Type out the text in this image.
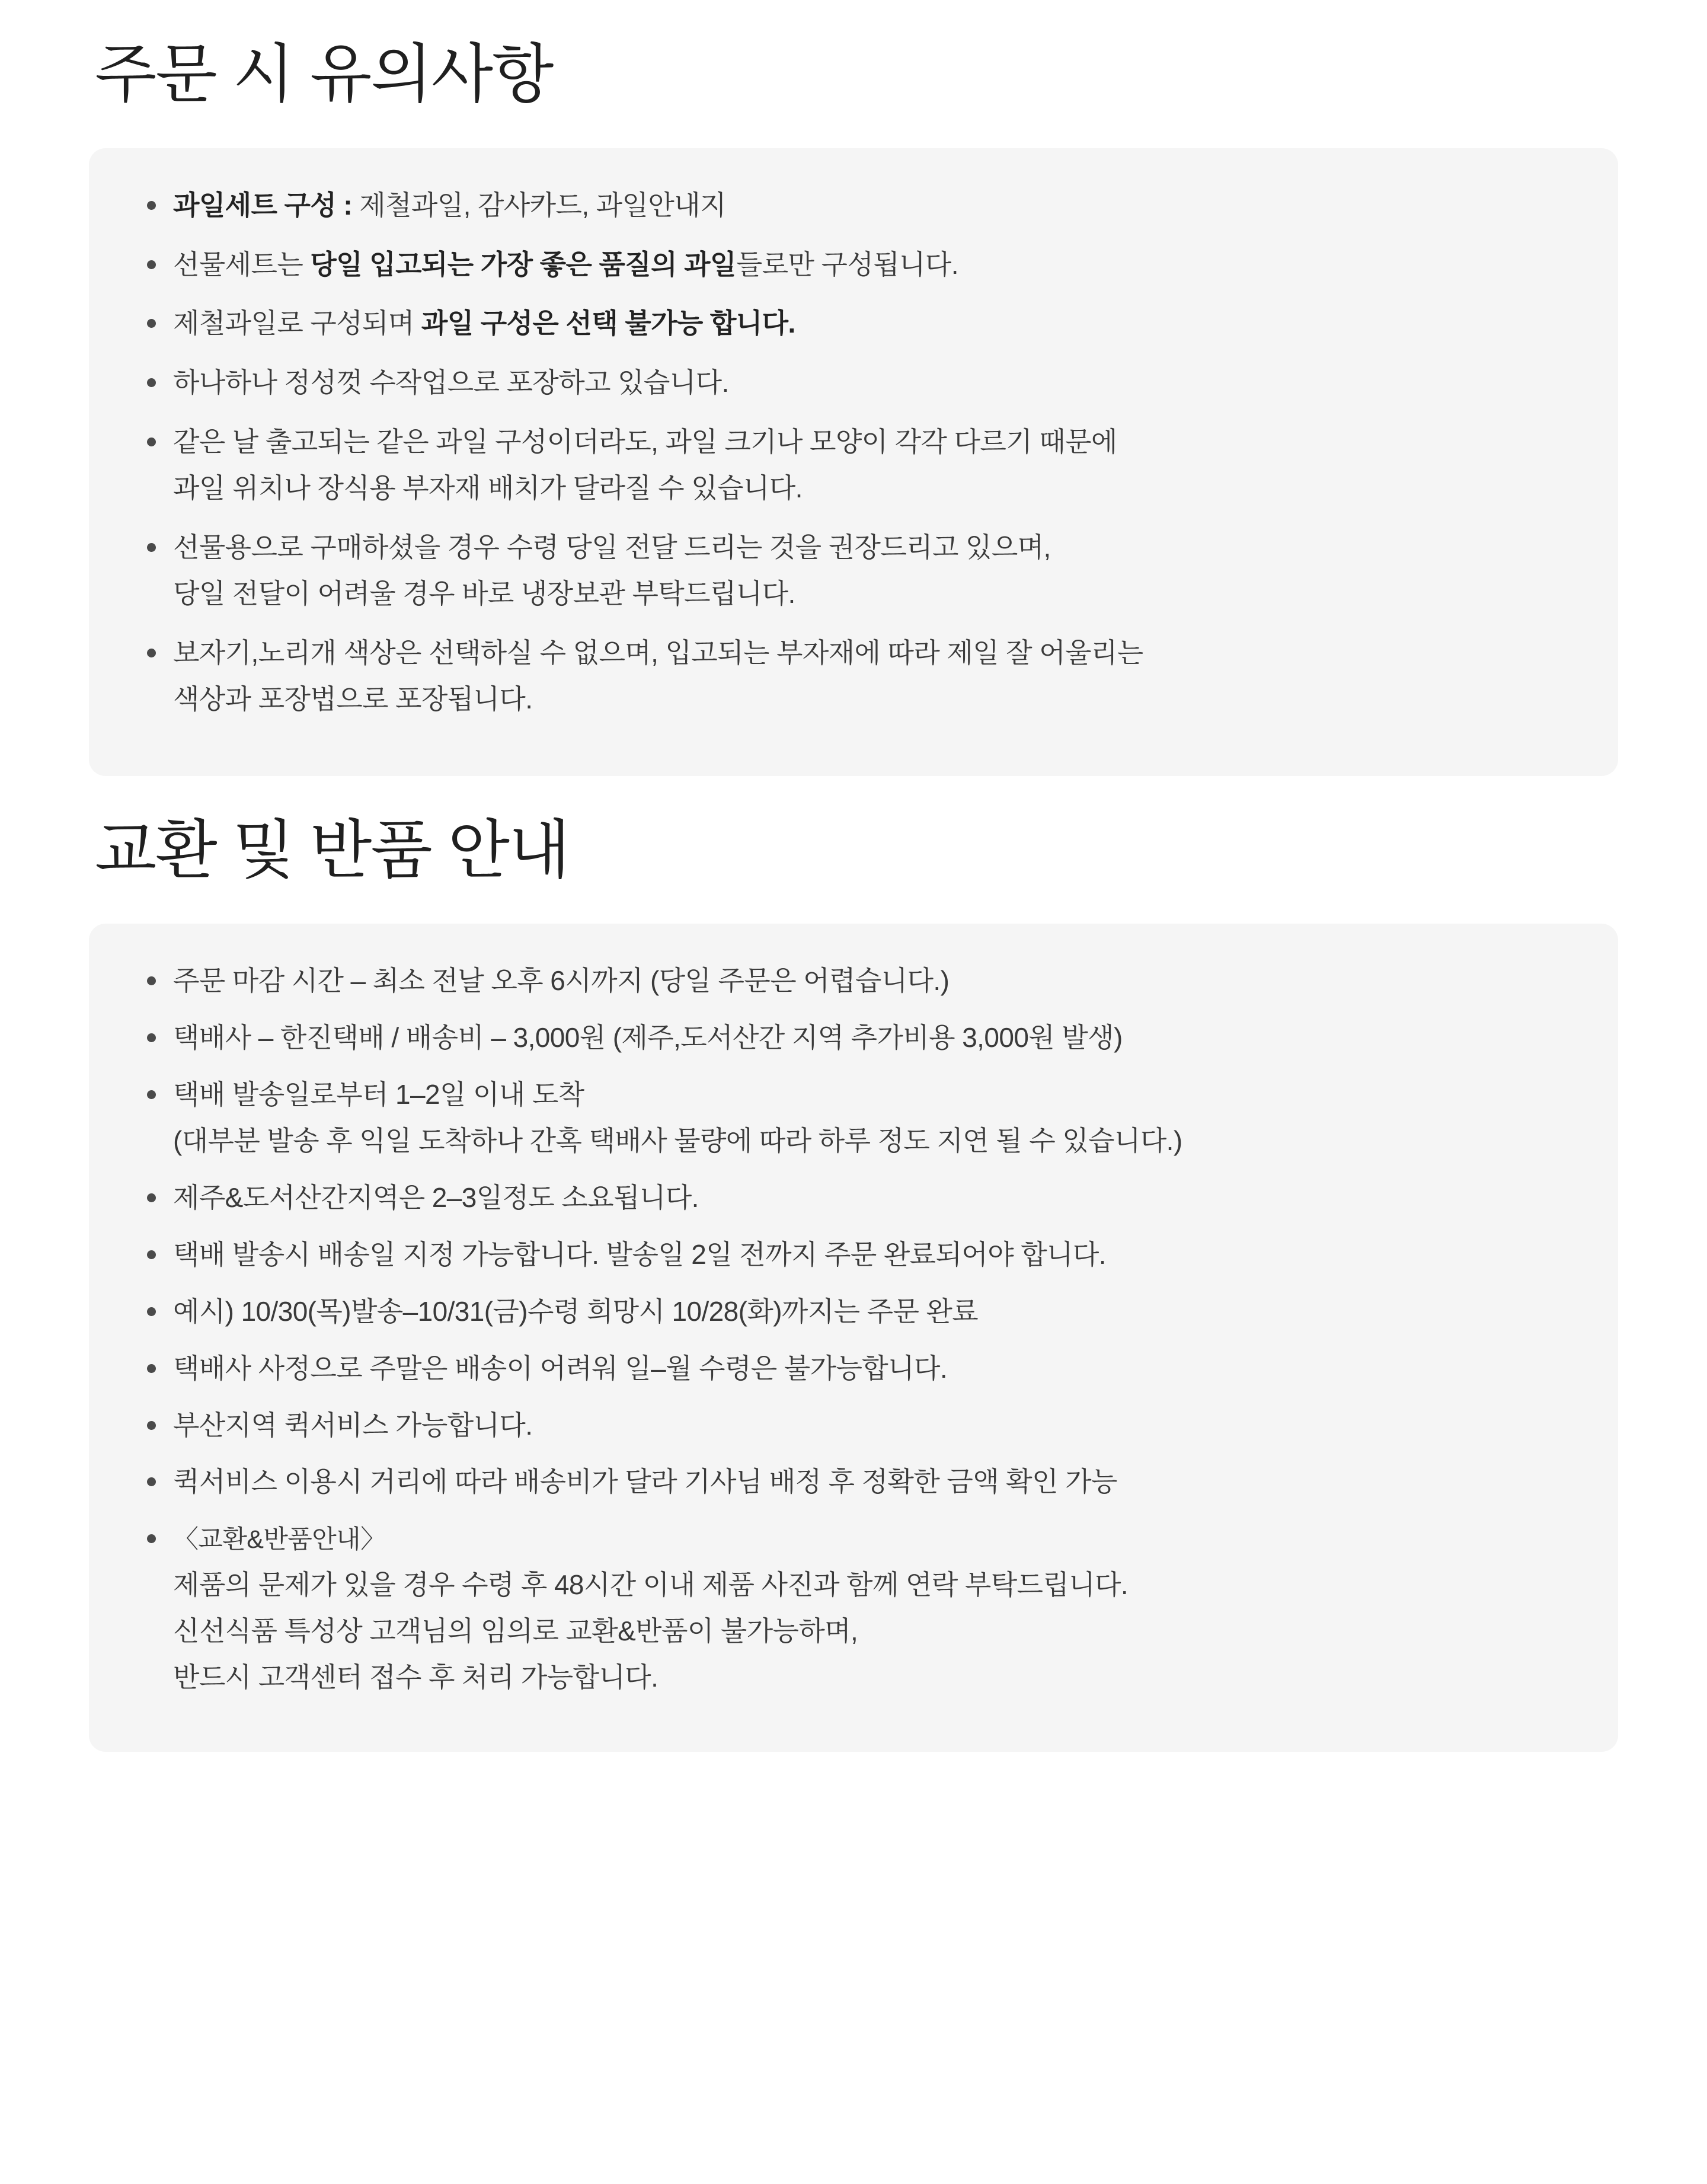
주문 시 유의사항
과일세트 구성 : 제철과일, 감사카드, 과일안내지
선물세트는 당일 입고되는 가장 좋은 품질의 과일들로만 구성됩니다.
제철과일로 구성되며 과일 구성은 선택 불가능 합니다.
하나하나 정성껏 수작업으로 포장하고 있습니다.
같은 날 출고되는 같은 과일 구성이더라도, 과일 크기나 모양이 각각 다르기 때문에
과일 위치나 장식용 부자재 배치가 달라질 수 있습니다.
선물용으로 구매하셨을 경우 수령 당일 전달 드리는 것을 권장드리고 있으며,
당일 전달이 어려울 경우 바로 냉장보관 부탁드립니다.
보자기,노리개 색상은 선택하실 수 없으며, 입고되는 부자재에 따라 제일 잘 어울리는
색상과 포장법으로 포장됩니다.
교환 및 반품 안내
주문 마감 시간 – 최소 전날 오후 6시까지 (당일 주문은 어렵습니다.)
택배사 – 한진택배 / 배송비 – 3,000원 (제주,도서산간 지역 추가비용 3,000원 발생)
택배 발송일로부터 1–2일 이내 도착
(대부분 발송 후 익일 도착하나 간혹 택배사 물량에 따라 하루 정도 지연 될 수 있습니다.)
제주&도서산간지역은 2–3일정도 소요됩니다.
택배 발송시 배송일 지정 가능합니다. 발송일 2일 전까지 주문 완료되어야 합니다.
예시) 10/30(목)발송–10/31(금)수령 희망시 10/28(화)까지는 주문 완료
택배사 사정으로 주말은 배송이 어려워 일–월 수령은 불가능합니다.
부산지역 퀵서비스 가능합니다.
퀵서비스 이용시 거리에 따라 배송비가 달라 기사님 배정 후 정확한 금액 확인 가능
〈교환&반품안내〉
제품의 문제가 있을 경우 수령 후 48시간 이내 제품 사진과 함께 연락 부탁드립니다.
신선식품 특성상 고객님의 임의로 교환&반품이 불가능하며,
반드시 고객센터 접수 후 처리 가능합니다.
